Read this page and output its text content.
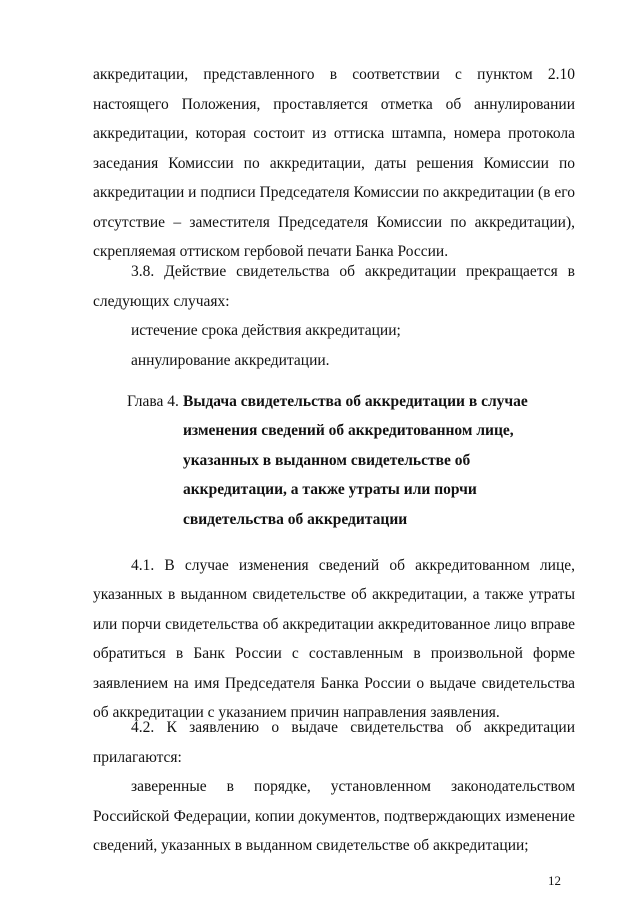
аккредитации, представленного в соответствии с пунктом 2.10
настоящего Положения, проставляется отметка об аннулировании
аккредитации, которая состоит из оттиска штампа, номера протокола
заседания Комиссии по аккредитации, даты решения Комиссии по
аккредитации и подписи Председателя Комиссии по аккредитации (в его
отсутствие – заместителя Председателя Комиссии по аккредитации),
скрепляемая оттиском гербовой печати Банка России.
3.8. Действие свидетельства об аккредитации прекращается в
следующих случаях:
истечение срока действия аккредитации;
аннулирование аккредитации.
Глава 4. Выдача свидетельства об аккредитации в случае
изменения сведений об аккредитованном лице,
указанных в выданном свидетельстве об
аккредитации, а также утраты или порчи
свидетельства об аккредитации
4.1. В случае изменения сведений об аккредитованном лице,
указанных в выданном свидетельстве об аккредитации, а также утраты
или порчи свидетельства об аккредитации аккредитованное лицо вправе
обратиться в Банк России с составленным в произвольной форме
заявлением на имя Председателя Банка России о выдаче свидетельства
об аккредитации с указанием причин направления заявления.
4.2. К заявлению о выдаче свидетельства об аккредитации
прилагаются:
заверенные в порядке, установленном законодательством
Российской Федерации, копии документов, подтверждающих изменение
сведений, указанных в выданном свидетельстве об аккредитации;
12
